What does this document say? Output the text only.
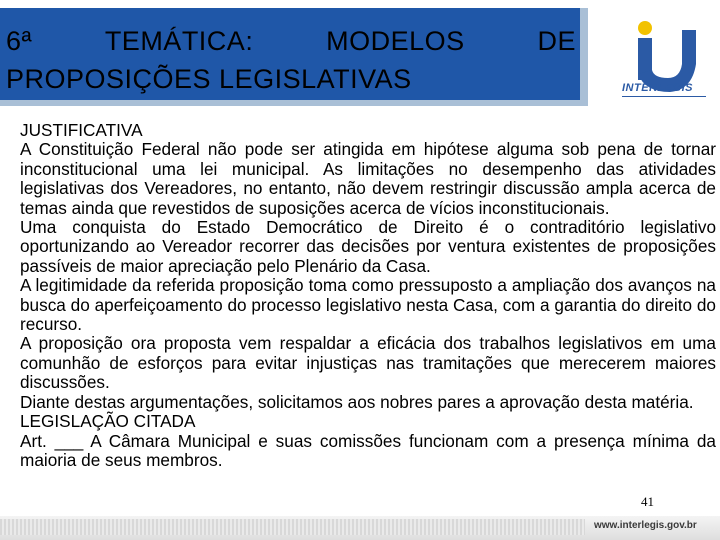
6ª	TEMÁTICA:	MODELOS	DE
PROPOSIÇÕES LEGISLATIVAS	INTERLEGIS

JUSTIFICATIVA

A Constituição Federal não pode ser atingida em hipótese alguma sob pena de tornar inconstitucional uma lei municipal. As limitações no desempenho das atividades legislativas dos Vereadores, no entanto, não devem restringir discussão ampla acerca de temas ainda que revestidos de suposições acerca de vícios inconstitucionais.

Uma conquista do Estado Democrático de Direito é o contraditório legislativo oportunizando ao Vereador recorrer das decisões por ventura existentes de proposições passíveis de maior apreciação pelo Plenário da Casa.

A legitimidade da referida proposição toma como pressuposto a ampliação dos avanços na busca do aperfeiçoamento do processo legislativo nesta Casa, com a garantia do direito do recurso.

A proposição ora proposta vem respaldar a eficácia dos trabalhos legislativos em uma comunhão de esforços para evitar injustiças nas tramitações que merecerem maiores discussões.

Diante destas argumentações, solicitamos aos nobres pares a aprovação desta matéria.

LEGISLAÇÃO CITADA

Art. ___ A Câmara Municipal e suas comissões funcionam com a presença mínima da maioria de seus membros.

41
www.interlegis.gov.br
